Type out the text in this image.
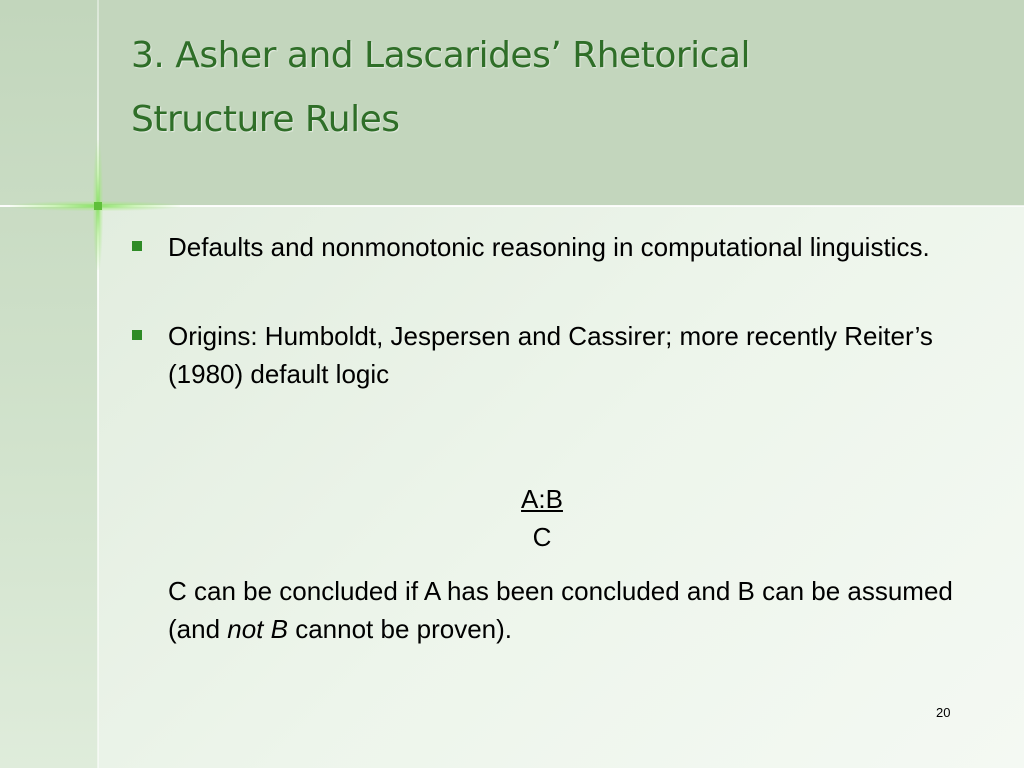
3. Asher and Lascarides’ Rhetorical
Structure Rules
Defaults and nonmonotonic reasoning in computational linguistics.
Origins: Humboldt, Jespersen and Cassirer; more recently Reiter’s (1980) default logic
$\frac{A:B}{C}$

C can be concluded if A has been concluded and B can be assumed (and not B cannot be proven).

20
